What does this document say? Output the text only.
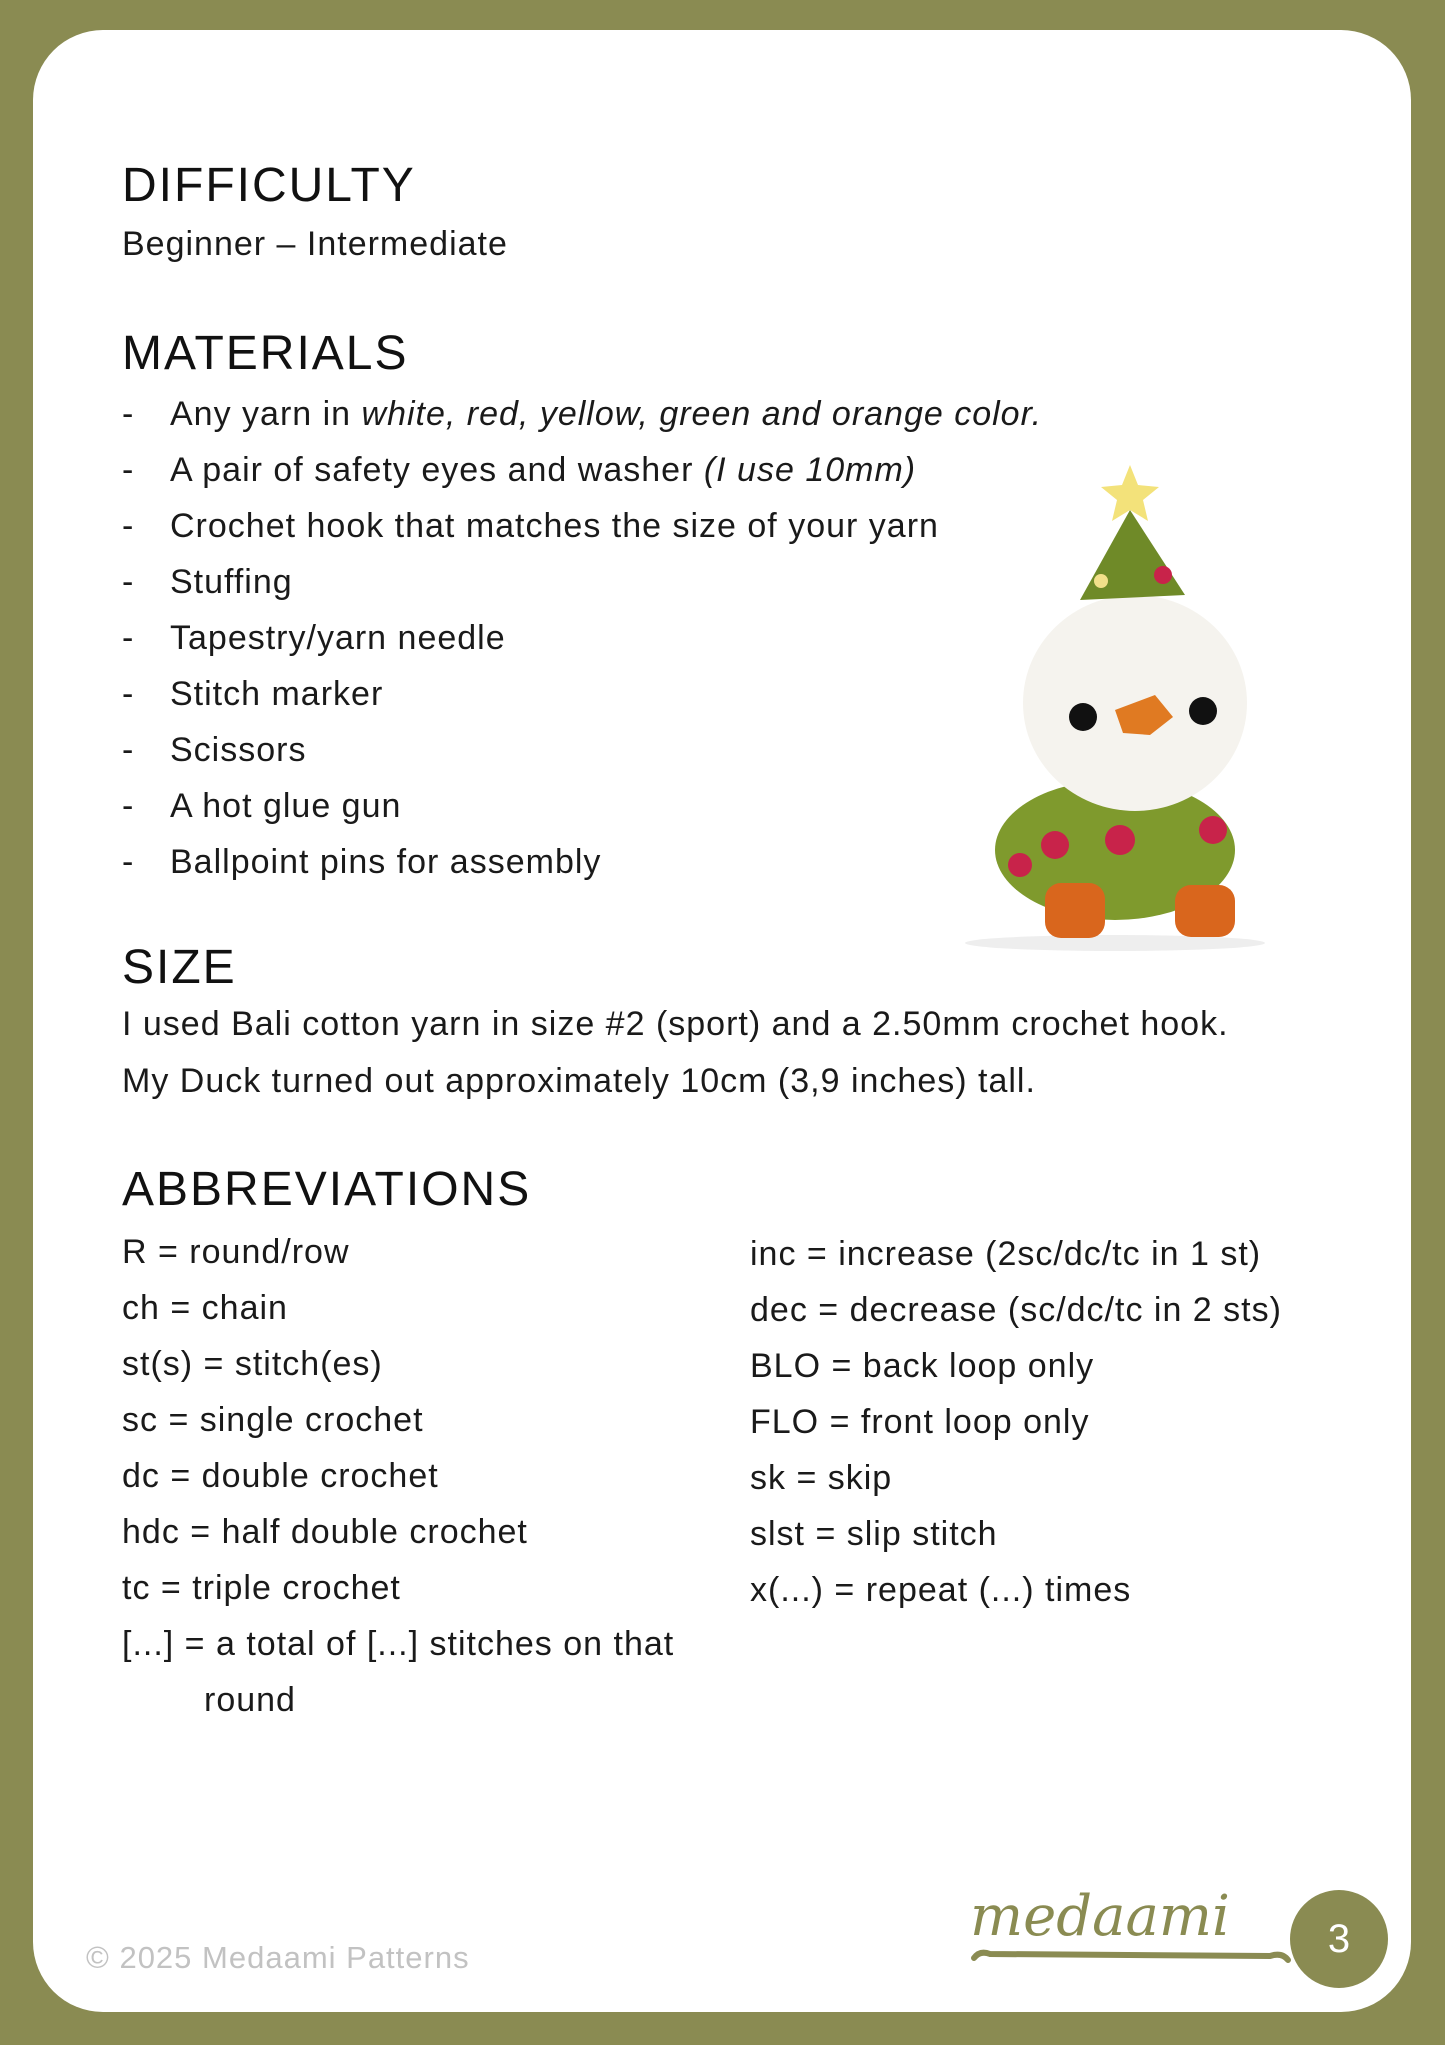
DIFFICULTY
Beginner – Intermediate
MATERIALS
- Any yarn in white, red, yellow, green and orange color.
- A pair of safety eyes and washer (I use 10mm)
- Crochet hook that matches the size of your yarn
- Stuffing
- Tapestry/yarn needle
- Stitch marker
- Scissors
- A hot glue gun
- Ballpoint pins for assembly
SIZE
I used Bali cotton yarn in size #2 (sport) and a 2.50mm crochet hook.
My Duck turned out approximately 10cm (3,9 inches) tall.
ABBREVIATIONS
R = round/row
ch = chain
st(s) = stitch(es)
sc = single crochet
dc = double crochet
hdc = half double crochet
tc = triple crochet
[...] = a total of [...] stitches on that
round
inc = increase (2sc/dc/tc in 1 st)
dec = decrease (sc/dc/tc in 2 sts)
BLO = back loop only
FLO = front loop only
sk = skip
slst = slip stitch
x(...) = repeat (...) times
© 2025 Medaami Patterns
medaami	3
